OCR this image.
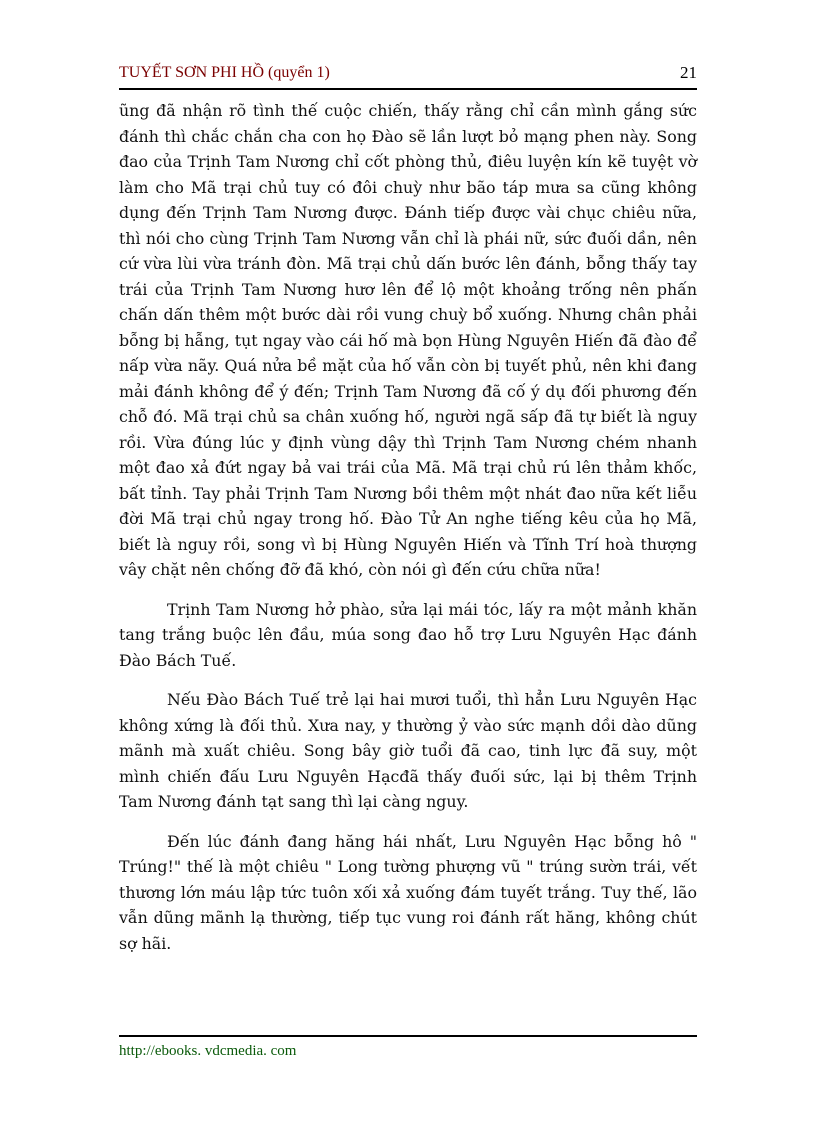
TUYẾT SƠN PHI HỒ (quyển 1)	21

ũng đã nhận rõ tình thế cuộc chiến, thấy rằng chỉ cần mình gắng sức đánh thì chắc chắn cha con họ Đào sẽ lần lượt bỏ mạng phen này. Song đao của Trịnh Tam Nương chỉ cốt phòng thủ, điêu luyện kín kẽ tuyệt vờ làm cho Mã trại chủ tuy có đôi chuỳ như bão táp mưa sa cũng không dụng đến Trịnh Tam Nương được. Đánh tiếp được vài chục chiêu nữa, thì nói cho cùng Trịnh Tam Nương vẫn chỉ là phái nữ, sức đuối dần, nên cứ vừa lùi vừa tránh đòn. Mã trại chủ dấn bước lên đánh, bỗng thấy tay trái của Trịnh Tam Nương hươ lên để lộ một khoảng trống nên phấn chấn dấn thêm một bước dài rồi vung chuỳ bổ xuống. Nhưng chân phải bỗng bị hẫng, tụt ngay vào cái hố mà bọn Hùng Nguyên Hiến đã đào để nấp vừa nãy. Quá nửa bề mặt của hố vẫn còn bị tuyết phủ, nên khi đang mải đánh không để ý đến; Trịnh Tam Nương đã cố ý dụ đối phương đến chỗ đó. Mã trại chủ sa chân xuống hố, người ngã sấp đã tự biết là nguy rồi. Vừa đúng lúc y định vùng dậy thì Trịnh Tam Nương chém nhanh một đao xả đứt ngay bả vai trái của Mã. Mã trại chủ rú lên thảm khốc, bất tỉnh. Tay phải Trịnh Tam Nương bồi thêm một nhát đao nữa kết liễu đời Mã trại chủ ngay trong hố. Đào Tử An nghe tiếng kêu của họ Mã, biết là nguy rồi, song vì bị Hùng Nguyên Hiến và Tĩnh Trí hoà thượng vây chặt nên chống đỡ đã khó, còn nói gì đến cứu chữa nữa!

Trịnh Tam Nương hở phào, sửa lại mái tóc, lấy ra một mảnh khăn tang trắng buộc lên đầu, múa song đao hỗ trợ Lưu Nguyên Hạc đánh Đào Bách Tuế.

Nếu Đào Bách Tuế trẻ lại hai mươi tuổi, thì hẳn Lưu Nguyên Hạc không xứng là đối thủ. Xưa nay, y thường ỷ vào sức mạnh dồi dào dũng mãnh mà xuất chiêu. Song bây giờ tuổi đã cao, tinh lực đã suy, một mình chiến đấu Lưu Nguyên Hạcđã thấy đuối sức, lại bị thêm Trịnh Tam Nương đánh tạt sang thì lại càng nguy.

Đến lúc đánh đang hăng hái nhất, Lưu Nguyên Hạc bỗng hô " Trúng!" thế là một chiêu " Long tường phượng vũ " trúng sườn trái, vết thương lớn máu lập tức tuôn xối xả xuống đám tuyết trắng. Tuy thế, lão vẫn dũng mãnh lạ thường, tiếp tục vung roi đánh rất hăng, không chút sợ hãi.

http://ebooks. vdcmedia. com
